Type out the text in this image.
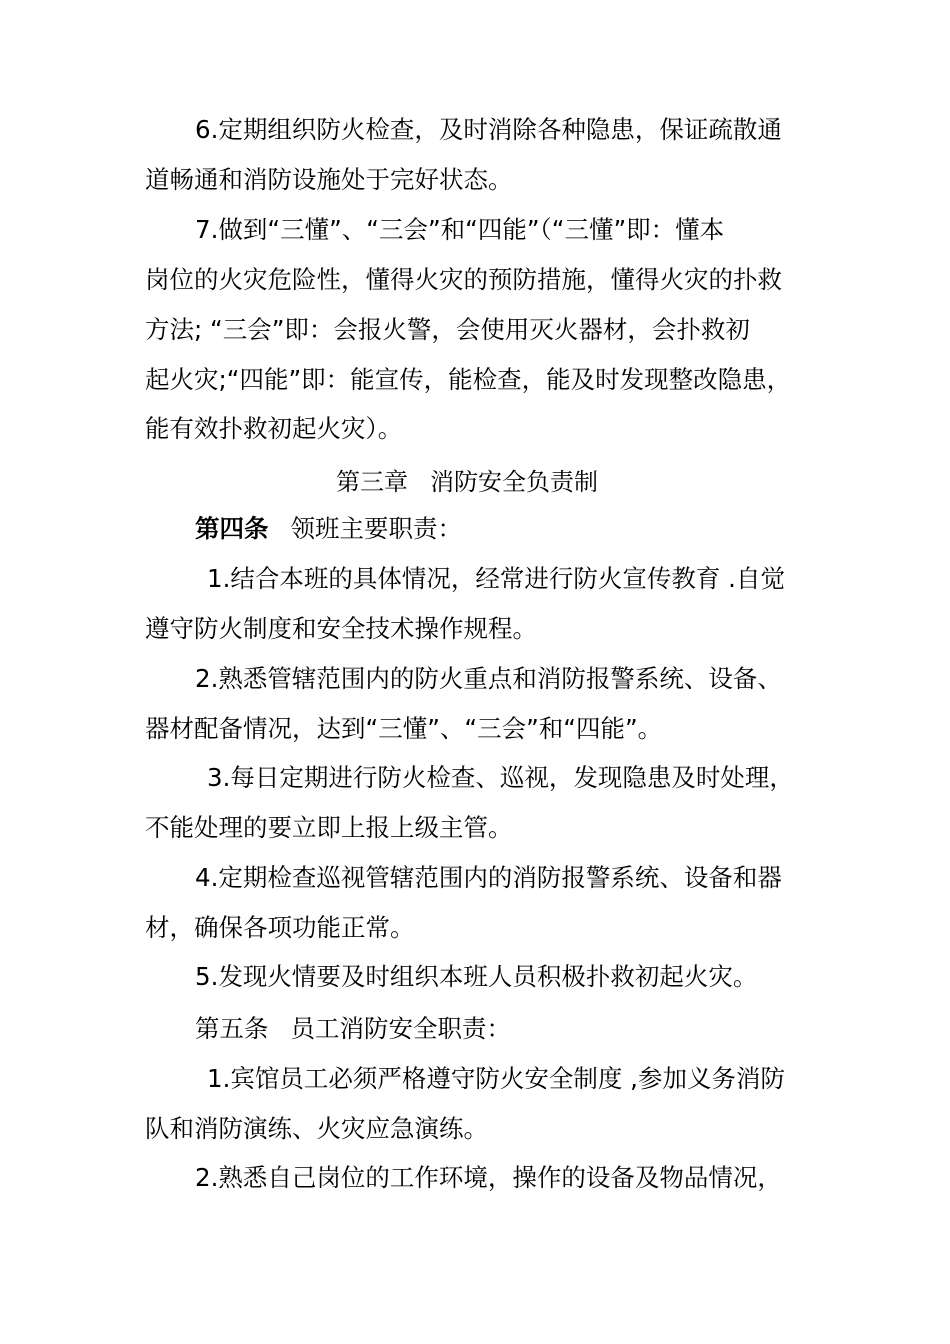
6.定期组织防火检查，及时消除各种隐患，保证疏散通
道畅通和消防设施处于完好状态。
7.做到“三懂”、“三会”和“四能”（“三懂”即：懂本
岗位的火灾危险性，懂得火灾的预防措施，懂得火灾的扑救
方法; “三会”即：会报火警，会使用灭火器材，会扑救初
起火灾;“四能”即：能宣传，能检查，能及时发现整改隐患，
能有效扑救初起火灾）。
第三章 消防安全负责制
第四条 领班主要职责：
1.结合本班的具体情况，经常进行防火宣传教育 .自觉
遵守防火制度和安全技术操作规程。
2.熟悉管辖范围内的防火重点和消防报警系统、设备、
器材配备情况，达到“三懂”、“三会”和“四能”。
3.每日定期进行防火检查、巡视，发现隐患及时处理，
不能处理的要立即上报上级主管。
4.定期检查巡视管辖范围内的消防报警系统、设备和器
材，确保各项功能正常。
5.发现火情要及时组织本班人员积极扑救初起火灾。
第五条 员工消防安全职责：
1.宾馆员工必须严格遵守防火安全制度 ,参加义务消防
队和消防演练、火灾应急演练。
2.熟悉自己岗位的工作环境，操作的设备及物品情况，
